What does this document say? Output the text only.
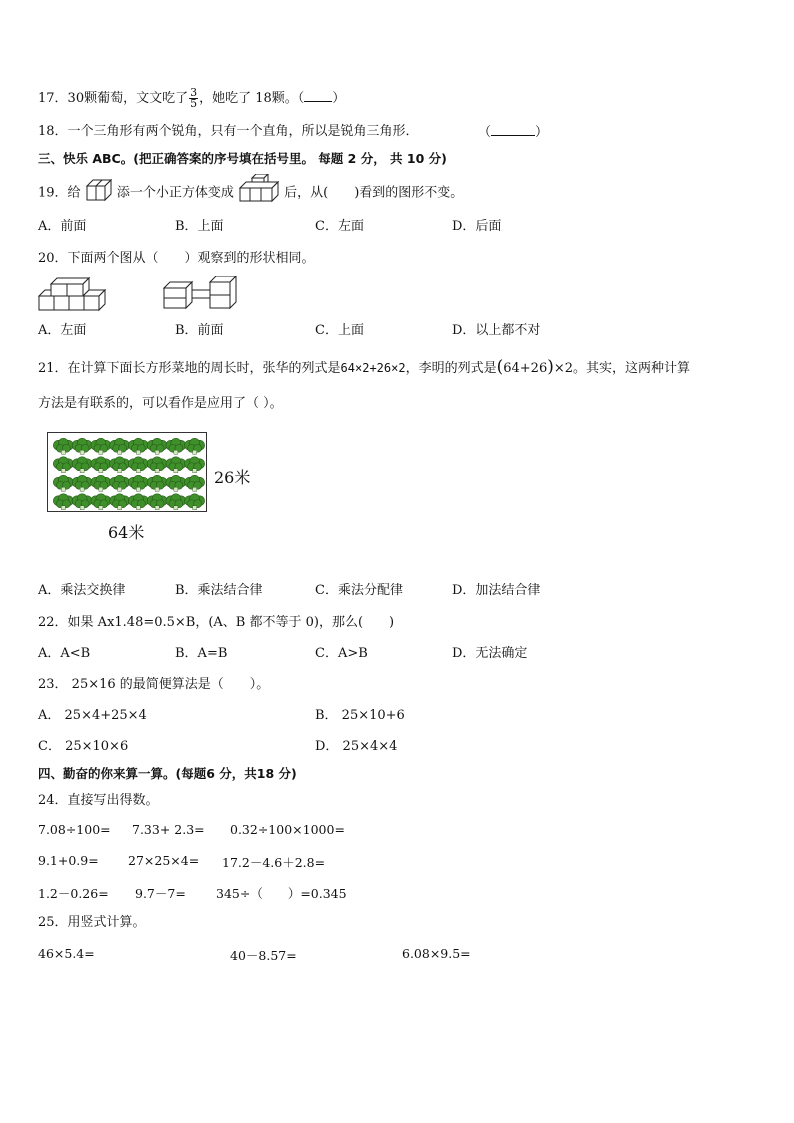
17．30颗葡萄，文文吃了 $\frac{3}{5}$ ，她吃了 18颗。（ ）
18．一个三角形有两个锐角，只有一个直角，所以是锐角三角形．	（	）
三、快乐 ABC。(把正确答案的序号填在括号里。 每题 2 分， 共 10 分)
19．给	添一个小正方体变成	后，从(　　)看到的图形不变。
A．前面	B．上面	C．左面	D．后面
20．下面两个图从（　　）观察到的形状相同。
A．左面	B．前面	C．上面	D．以上都不对
21．在计算下面长方形菜地的周长时，张华的列式是64×2+26×2，李明的列式是(64+26)×2。其实，这两种计算
方法是有联系的，可以看作是应用了（ ）。
26米
64米
A．乘法交换律	B．乘法结合律	C．乘法分配律	D．加法结合律
22．如果 Ax1.48=0.5×B，(A、B 都不等于 0)，那么(　　)
A．A<B	B．A=B	C．A>B	D．无法确定
23． 25×16 的最简便算法是（　　）。
A． 25×4+25×4	B． 25×10+6
C． 25×10×6	D． 25×4×4
四、勤奋的你来算一算。(每题6 分，共18 分)
24．直接写出得数。
7.08÷100= 7.33+ 2.3= 0.32÷100×1000=
9.1+0.9= 27×25×4= 17.2－4.6＋2.8=
1.2－0.26= 9.7－7= 345÷（　　）=0.345
25．用竖式计算。
46×5.4=	40－8.57=	6.08×9.5=
